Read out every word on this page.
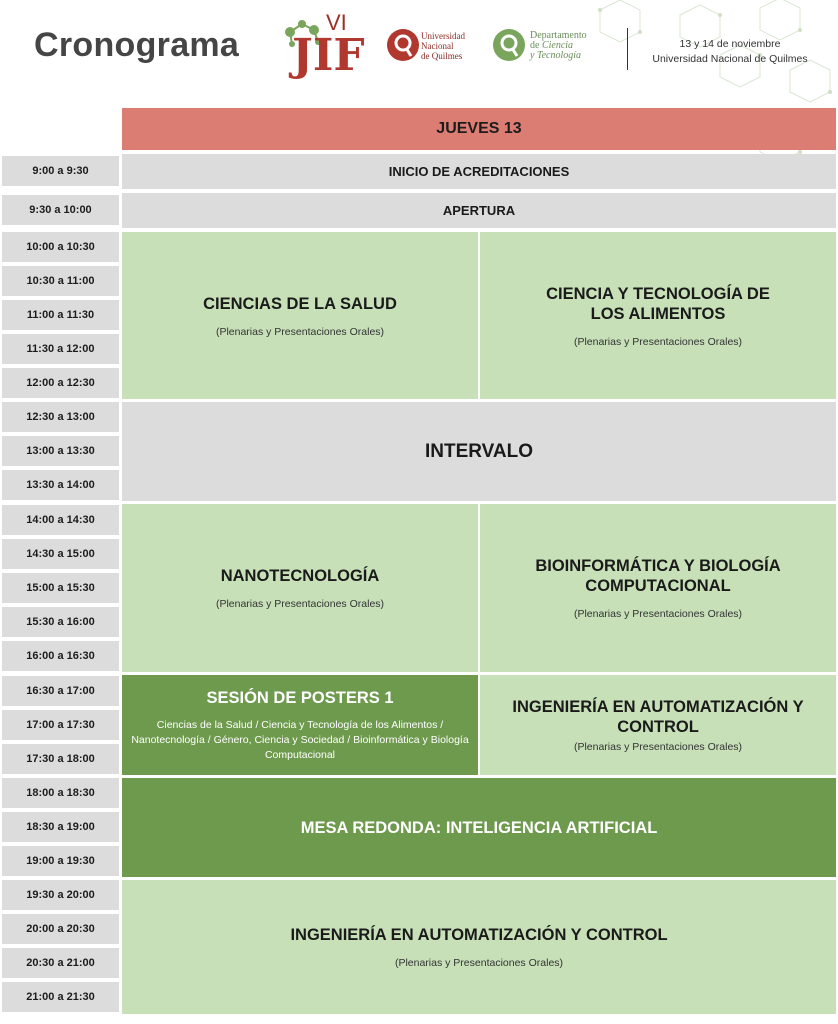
Cronograma
VI
JIF	Universidad
Nacional
de Quilmes
Departamento
de Ciencia
y Tecnología
13 y 14 de noviembre
Universidad Nacional de Quilmes
JUEVES 13
9:00 a 9:30
9:30 a 10:00
10:00 a 10:30
10:30 a 11:00
11:00 a 11:30
11:30 a 12:00
12:00 a 12:30
12:30 a 13:00
13:00 a 13:30
13:30 a 14:00
14:00 a 14:30
14:30 a 15:00
15:00 a 15:30
15:30 a 16:00
16:00 a 16:30
16:30 a 17:00
17:00 a 17:30
17:30 a 18:00
18:00 a 18:30
18:30 a 19:00
19:00 a 19:30
19:30 a 20:00
20:00 a 20:30
20:30 a 21:00
21:00 a 21:30
INICIO DE ACREDITACIONES
APERTURA
CIENCIAS DE LA SALUD
(Plenarias y Presentaciones Orales)
CIENCIA Y TECNOLOGÍA DE LOS ALIMENTOS
(Plenarias y Presentaciones Orales)
INTERVALO
NANOTECNOLOGÍA
(Plenarias y Presentaciones Orales)
BIOINFORMÁTICA Y BIOLOGÍA COMPUTACIONAL
(Plenarias y Presentaciones Orales)
SESIÓN DE POSTERS 1
Ciencias de la Salud / Ciencia y Tecnología de los Alimentos / Nanotecnología / Género, Ciencia y Sociedad / Bioinformática y Biología Computacional
INGENIERÍA EN AUTOMATIZACIÓN Y CONTROL
(Plenarias y Presentaciones Orales)
MESA REDONDA: INTELIGENCIA ARTIFICIAL
INGENIERÍA EN AUTOMATIZACIÓN Y CONTROL
(Plenarias y Presentaciones Orales)
